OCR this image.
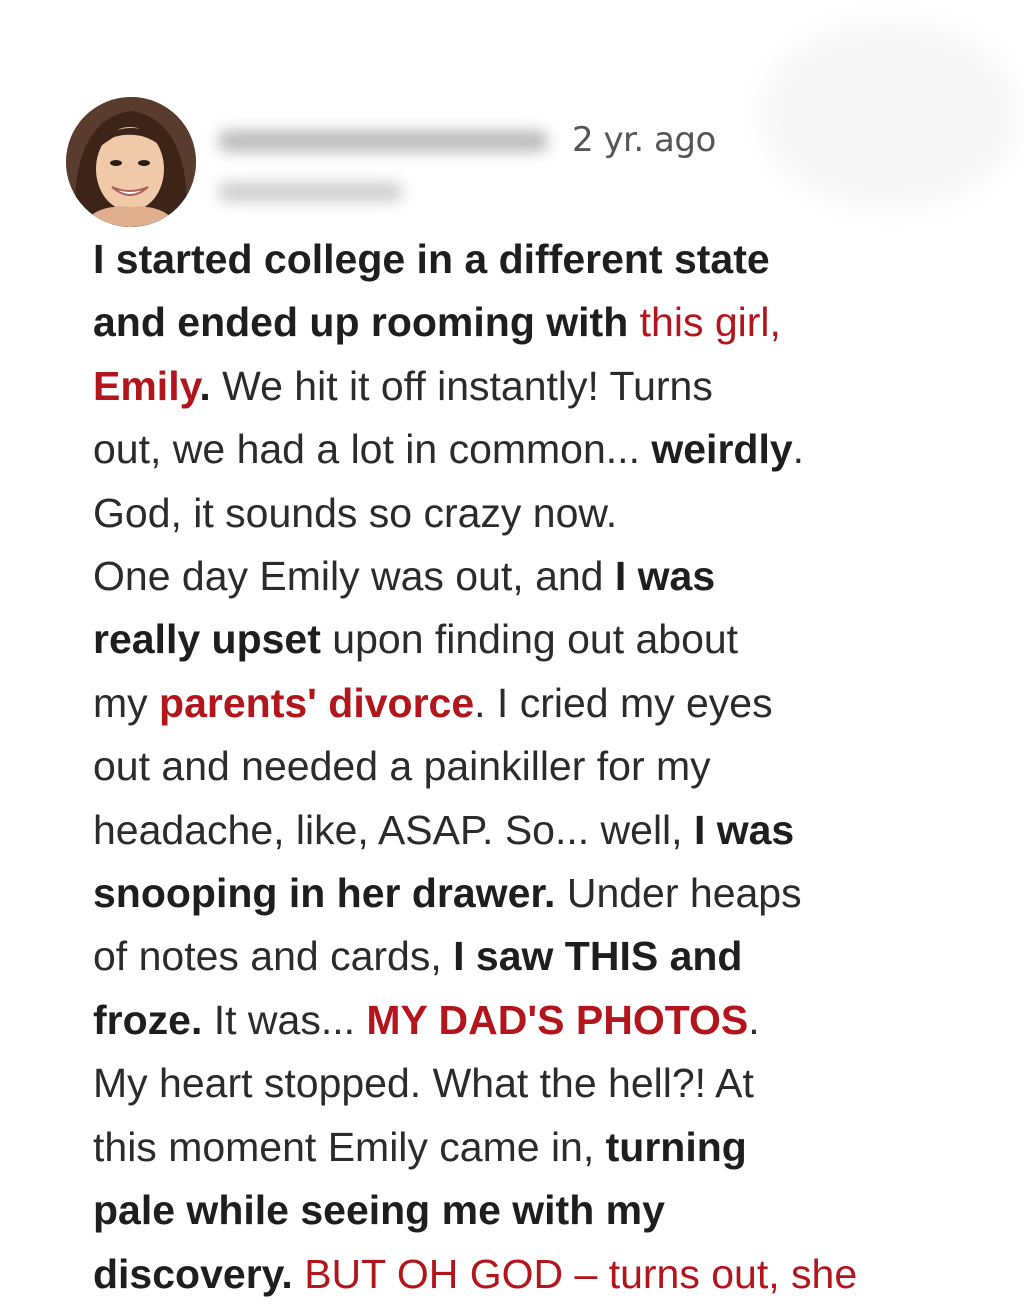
2 yr. ago
I started college in a different state
and ended up rooming with this girl,
Emily. We hit it off instantly! Turns
out, we had a lot in common... weirdly.
God, it sounds so crazy now.
One day Emily was out, and I was
really upset upon finding out about
my parents' divorce. I cried my eyes
out and needed a painkiller for my
headache, like, ASAP. So... well, I was
snooping in her drawer. Under heaps
of notes and cards, I saw THIS and
froze. It was... MY DAD'S PHOTOS.
My heart stopped. What the hell?! At
this moment Emily came in, turning
pale while seeing me with my
discovery. BUT OH GOD – turns out, she
